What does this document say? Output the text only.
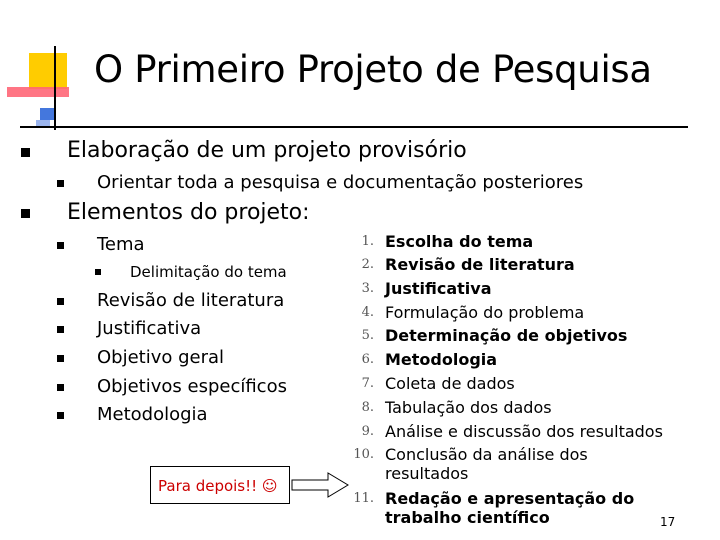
O Primeiro Projeto de Pesquisa
Elaboração de um projeto provisório
Orientar toda a pesquisa e documentação posteriores
Elementos do projeto:
Tema
Delimitação do tema
Revisão de literatura
Justificativa
Objetivo geral
Objetivos específicos
Metodologia
Para depois!! ☺
1. Escolha do tema
2. Revisão de literatura
3. Justificativa
4. Formulação do problema
5. Determinação de objetivos
6. Metodologia
7. Coleta de dados
8. Tabulação dos dados
9. Análise e discussão dos resultados
10. Conclusão da análise dos
resultados
11. Redação e apresentação do
trabalho científico	17
